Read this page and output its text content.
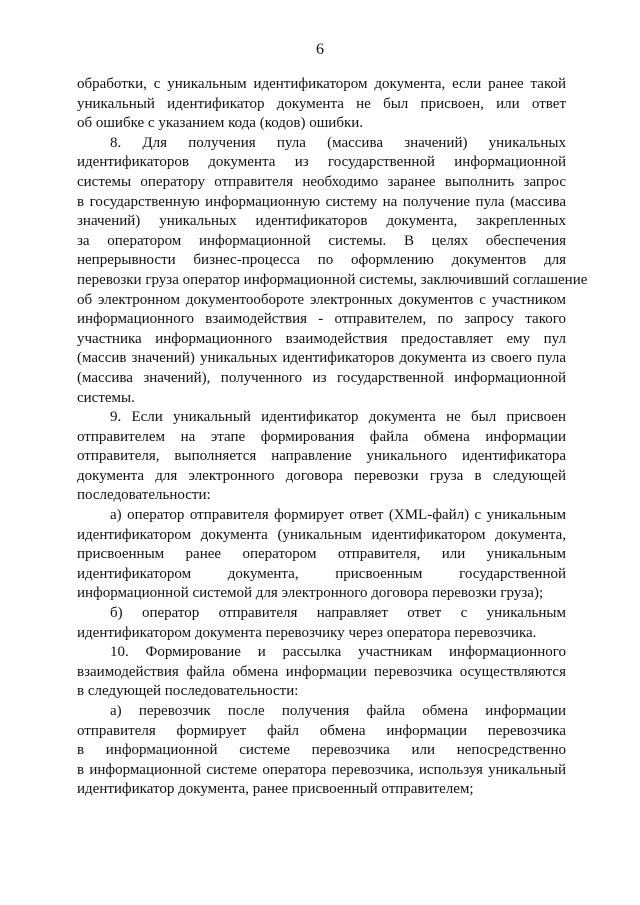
6
обработки, с уникальным идентификатором документа, если ранее такой
уникальный идентификатор документа не был присвоен, или ответ
об ошибке с указанием кода (кодов) ошибки.
8. Для получения пула (массива значений) уникальных
идентификаторов документа из государственной информационной
системы оператору отправителя необходимо заранее выполнить запрос
в государственную информационную систему на получение пула (массива
значений) уникальных идентификаторов документа, закрепленных
за оператором информационной системы. В целях обеспечения
непрерывности бизнес-процесса по оформлению документов для
перевозки груза оператор информационной системы, заключивший соглашение
об электронном документообороте электронных документов с участником
информационного взаимодействия - отправителем, по запросу такого
участника информационного взаимодействия предоставляет ему пул
(массив значений) уникальных идентификаторов документа из своего пула
(массива значений), полученного из государственной информационной
системы.
9. Если уникальный идентификатор документа не был присвоен
отправителем на этапе формирования файла обмена информации
отправителя, выполняется направление уникального идентификатора
документа для электронного договора перевозки груза в следующей
последовательности:
а) оператор отправителя формирует ответ (XML-файл) с уникальным
идентификатором документа (уникальным идентификатором документа,
присвоенным ранее оператором отправителя, или уникальным
идентификатором документа, присвоенным государственной
информационной системой для электронного договора перевозки груза);
б) оператор отправителя направляет ответ с уникальным
идентификатором документа перевозчику через оператора перевозчика.
10. Формирование и рассылка участникам информационного
взаимодействия файла обмена информации перевозчика осуществляются
в следующей последовательности:
а) перевозчик после получения файла обмена информации
отправителя формирует файл обмена информации перевозчика
в информационной системе перевозчика или непосредственно
в информационной системе оператора перевозчика, используя уникальный
идентификатор документа, ранее присвоенный отправителем;
